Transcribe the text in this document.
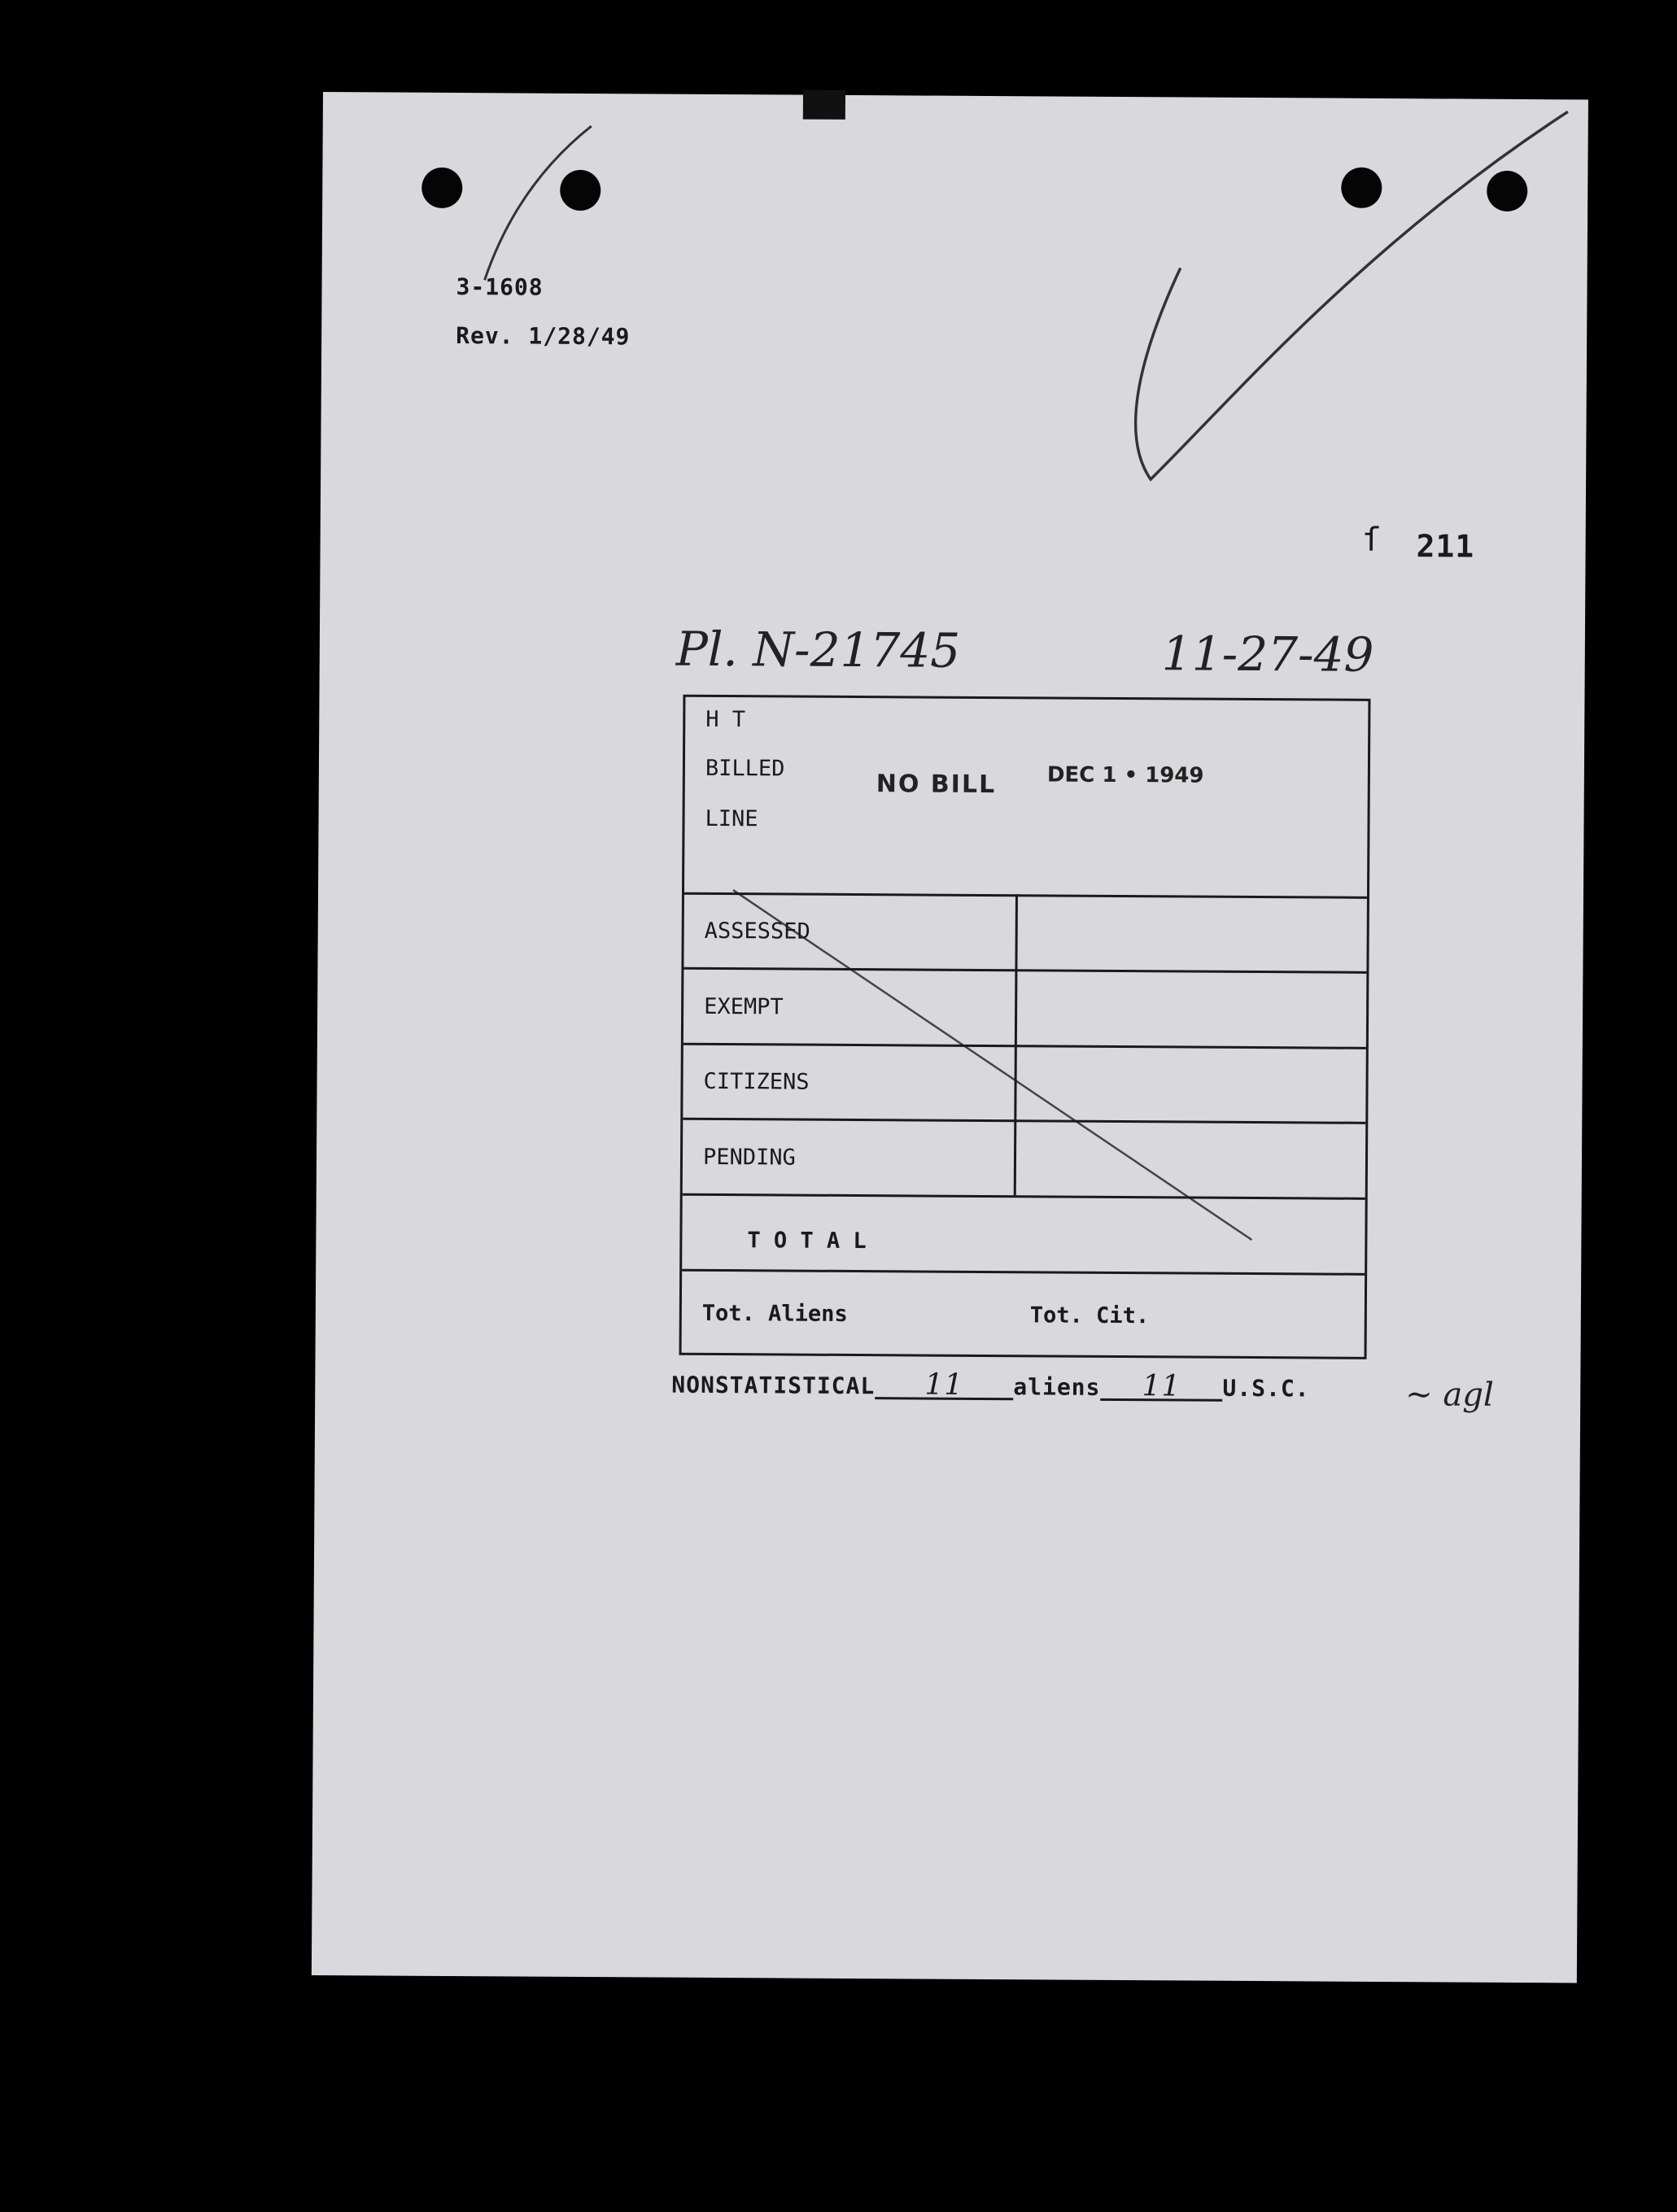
3-1608
Rev. 1/28/49
ſ 211
Pl. N-21745	11-27-49
H T
BILLED
LINE
NO BILL DEC 1 • 1949
ASSESSED
EXEMPT
CITIZENS
PENDING
T O T A L
Tot. Aliens	Tot. Cit.
NONSTATISTICAL 11 aliens 11 U.S.C.	~ agl
